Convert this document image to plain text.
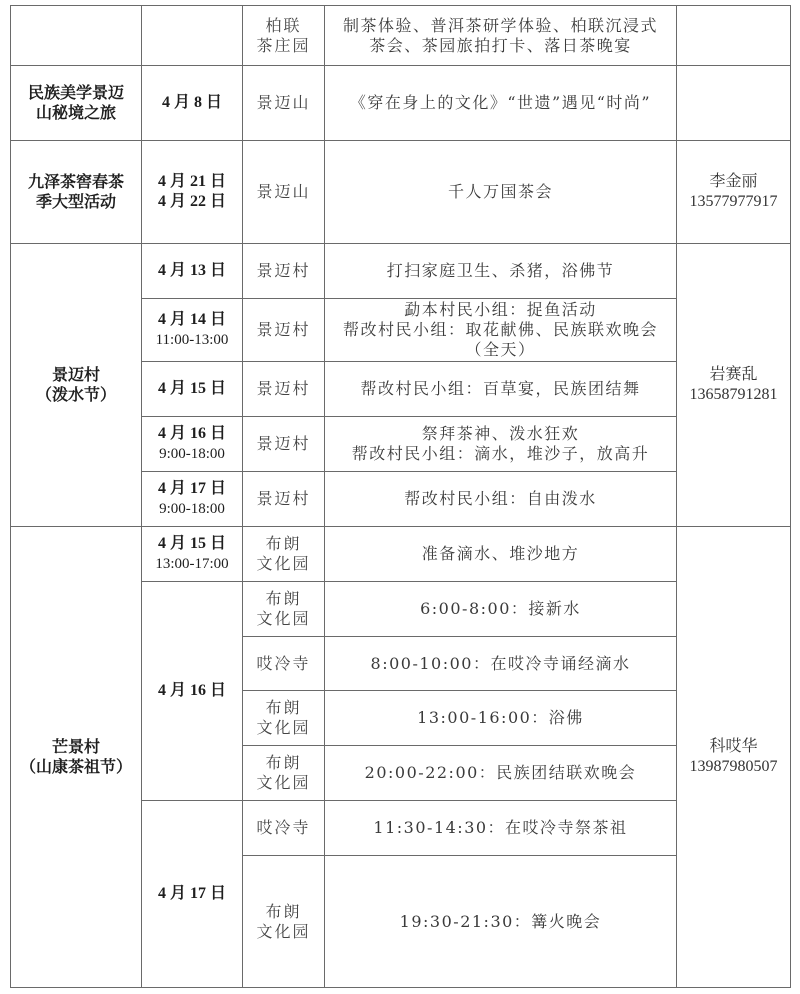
		柏联
茶庄园	制茶体验、普洱茶研学体验、柏联沉浸式
茶会、茶园旅拍打卡、落日茶晚宴	

民族美学景迈
山秘境之旅	4 月 8 日	景迈山	《穿在身上的文化》“世遗”遇见“时尚”	

九泽茶窖春茶
季大型活动	4 月 21 日
4 月 22 日	景迈山	千人万国茶会	李金丽
13577977917

景迈村
（泼水节）	4 月 13 日	景迈村	打扫家庭卫生、杀猪，浴佛节	岩赛乱
13658791281

	4 月 14 日
11:00-13:00	景迈村	勐本村民小组：捉鱼活动
帮改村民小组：取花献佛、民族联欢晚会
（全天）	

	4 月 15 日	景迈村	帮改村民小组：百草宴，民族团结舞	

	4 月 16 日
9:00-18:00	景迈村	祭拜茶神、泼水狂欢
帮改村民小组：滴水，堆沙子，放高升	

	4 月 17 日
9:00-18:00	景迈村	帮改村民小组：自由泼水	

芒景村
（山康茶祖节）	4 月 15 日
13:00-17:00	布朗
文化园	准备滴水、堆沙地方	科哎华
13987980507

	4 月 16 日	布朗
文化园	6:00-8:00：接新水	

		哎冷寺	8:00-10:00：在哎冷寺诵经滴水	

		布朗
文化园	13:00-16:00：浴佛	

		布朗
文化园	20:00-22:00：民族团结联欢晚会	

	4 月 17 日	哎冷寺	11:30-14:30：在哎冷寺祭茶祖	

		布朗
文化园	19:30-21:30：篝火晚会	
